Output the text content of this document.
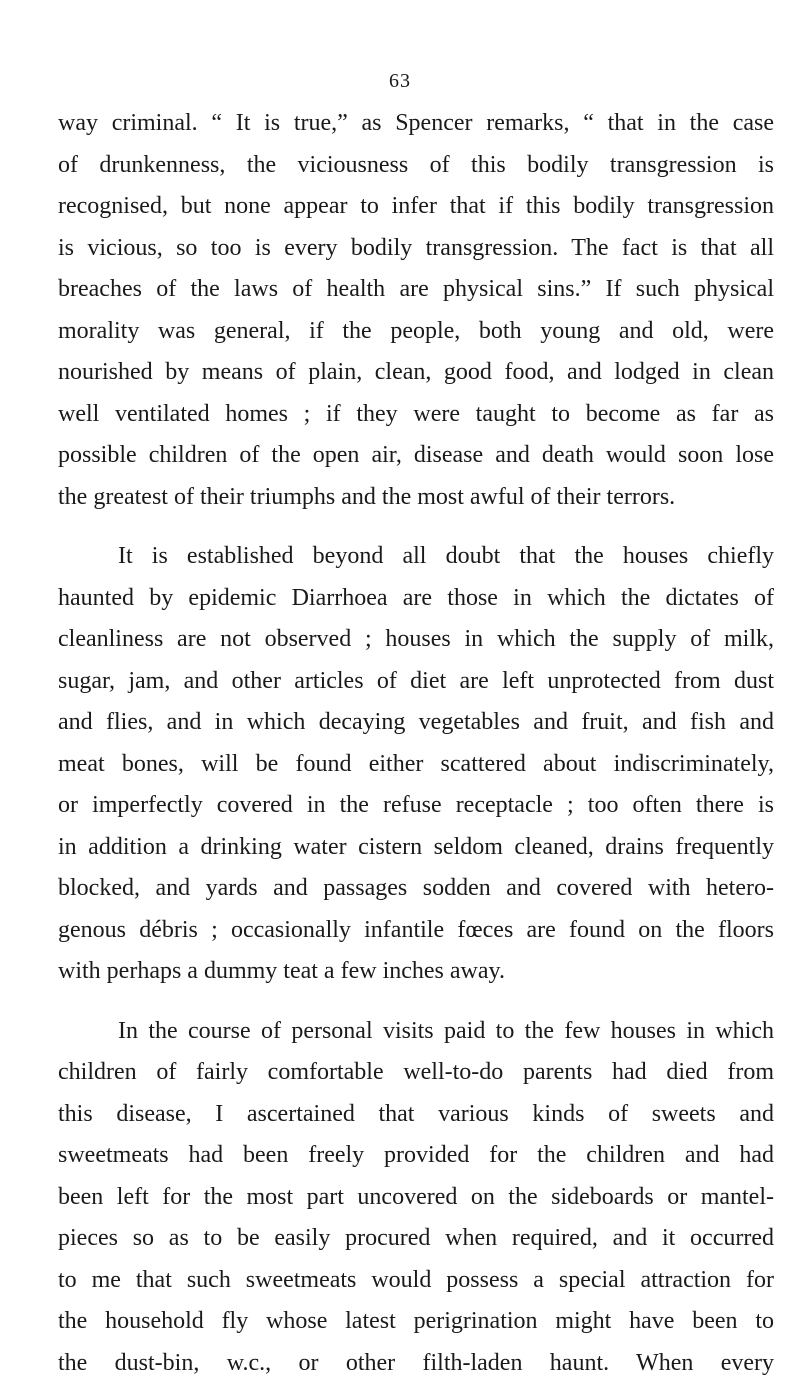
63
way criminal. “ It is true,” as Spencer remarks, “ that in the case
of drunkenness, the viciousness of this bodily transgression is
recognised, but none appear to infer that if this bodily transgression
is vicious, so too is every bodily transgression. The fact is that all
breaches of the laws of health are physical sins.” If such physical
morality was general, if the people, both young and old, were
nourished by means of plain, clean, good food, and lodged in clean
well ventilated homes ; if they were taught to become as far as
possible children of the open air, disease and death would soon lose
the greatest of their triumphs and the most awful of their terrors.
It is established beyond all doubt that the houses chiefly
haunted by epidemic Diarrhoea are those in which the dictates of
cleanliness are not observed ; houses in which the supply of milk,
sugar, jam, and other articles of diet are left unprotected from dust
and flies, and in which decaying vegetables and fruit, and fish and
meat bones, will be found either scattered about indiscriminately,
or imperfectly covered in the refuse receptacle ; too often there is
in addition a drinking water cistern seldom cleaned, drains frequently
blocked, and yards and passages sodden and covered with hetero-
genous débris ; occasionally infantile fœces are found on the floors
with perhaps a dummy teat a few inches away.
In the course of personal visits paid to the few houses in which
children of fairly comfortable well-to-do parents had died from
this disease, I ascertained that various kinds of sweets and
sweetmeats had been freely provided for the children and had
been left for the most part uncovered on the sideboards or mantel-
pieces so as to be easily procured when required, and it occurred
to me that such sweetmeats would possess a special attraction for
the household fly whose latest perigrination might have been to
the dust-bin, w.c., or other filth-laden haunt. When every
